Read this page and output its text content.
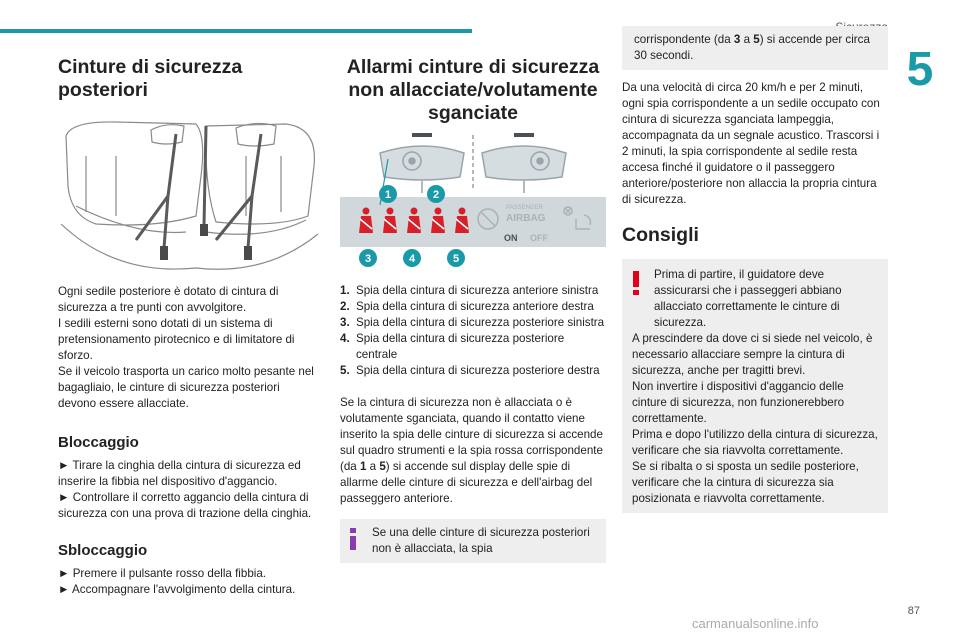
5
Cinture di sicurezza posteriori

Ogni sedile posteriore è dotato di cintura di sicurezza a tre punti con avvolgitore.

I sedili esterni sono dotati di un sistema di pretensionamento pirotecnico e di limitatore di sforzo.

Se il veicolo trasporta un carico molto pesante nel bagagliaio, le cinture di sicurezza posteriori devono essere allacciate.

Bloccaggio

► Tirare la cinghia della cintura di sicurezza ed inserire la fibbia nel dispositivo d'aggancio.

► Controllare il corretto aggancio della cintura di sicurezza con una prova di trazione della cinghia.

Sbloccaggio

► Premere il pulsante rosso della fibbia.

► Accompagnare l'avvolgimento della cintura.

Allarmi cinture di sicurezza non allacciate/volutamente sganciate
PASSENGER
AIRBAG
ON OFF
1	2
3	4	5
1. Spia della cintura di sicurezza anteriore sinistra
2. Spia della cintura di sicurezza anteriore destra
3. Spia della cintura di sicurezza posteriore sinistra
4. Spia della cintura di sicurezza posteriore centrale
5. Spia della cintura di sicurezza posteriore destra

Se la cintura di sicurezza non è allacciata o è volutamente sganciata, quando il contatto viene inserito la spia delle cinture di sicurezza si accende sul quadro strumenti e la spia rossa corrispondente (da 1 a 5) si accende sul display delle spie di allarme delle cinture di sicurezza e dell'airbag del passeggero anteriore.

Se una delle cinture di sicurezza posteriori non è allacciata, la spia
corrispondente (da 3 a 5) si accende per circa 30 secondi.

Da una velocità di circa 20 km/h e per 2 minuti, ogni spia corrispondente a un sedile occupato con cintura di sicurezza sganciata lampeggia, accompagnata da un segnale acustico. Trascorsi i 2 minuti, la spia corrispondente al sedile resta accesa finché il guidatore o il passeggero anteriore/posteriore non allaccia la propria cintura di sicurezza.

Consigli

Prima di partire, il guidatore deve assicurarsi che i passeggeri abbiano allacciato correttamente le cinture di sicurezza.

A prescindere da dove ci si siede nel veicolo, è necessario allacciare sempre la cintura di sicurezza, anche per tragitti brevi.

Non invertire i dispositivi d'aggancio delle cinture di sicurezza, non funzionerebbero correttamente.

Prima e dopo l'utilizzo della cintura di sicurezza, verificare che sia riavvolta correttamente.

Se si ribalta o si sposta un sedile posteriore, verificare che la cintura di sicurezza sia posizionata e riavvolta correttamente.

carmanualsonline.info
87
